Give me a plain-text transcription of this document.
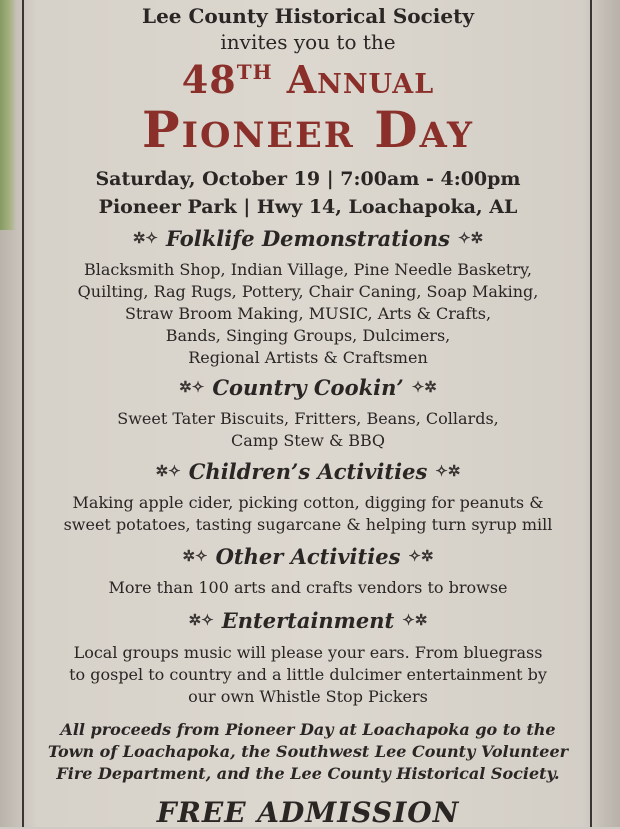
Lee County Historical Society
invites you to the
48TH Annual
Pioneer Day
Saturday, October 19 | 7:00am - 4:00pm
Pioneer Park | Hwy 14, Loachapoka, AL
✲✧ Folklife Demonstrations ✧✲
Blacksmith Shop, Indian Village, Pine Needle Basketry,
Quilting, Rag Rugs, Pottery, Chair Caning, Soap Making,
Straw Broom Making, MUSIC, Arts & Crafts,
Bands, Singing Groups, Dulcimers,
Regional Artists & Craftsmen
✲✧ Country Cookin’ ✧✲
Sweet Tater Biscuits, Fritters, Beans, Collards,
Camp Stew & BBQ
✲✧ Children’s Activities ✧✲
Making apple cider, picking cotton, digging for peanuts &
sweet potatoes, tasting sugarcane & helping turn syrup mill
✲✧ Other Activities ✧✲
More than 100 arts and crafts vendors to browse
✲✧ Entertainment ✧✲
Local groups music will please your ears. From bluegrass
to gospel to country and a little dulcimer entertainment by
our own Whistle Stop Pickers
All proceeds from Pioneer Day at Loachapoka go to the
Town of Loachapoka, the Southwest Lee County Volunteer
Fire Department, and the Lee County Historical Society.
FREE ADMISSION
